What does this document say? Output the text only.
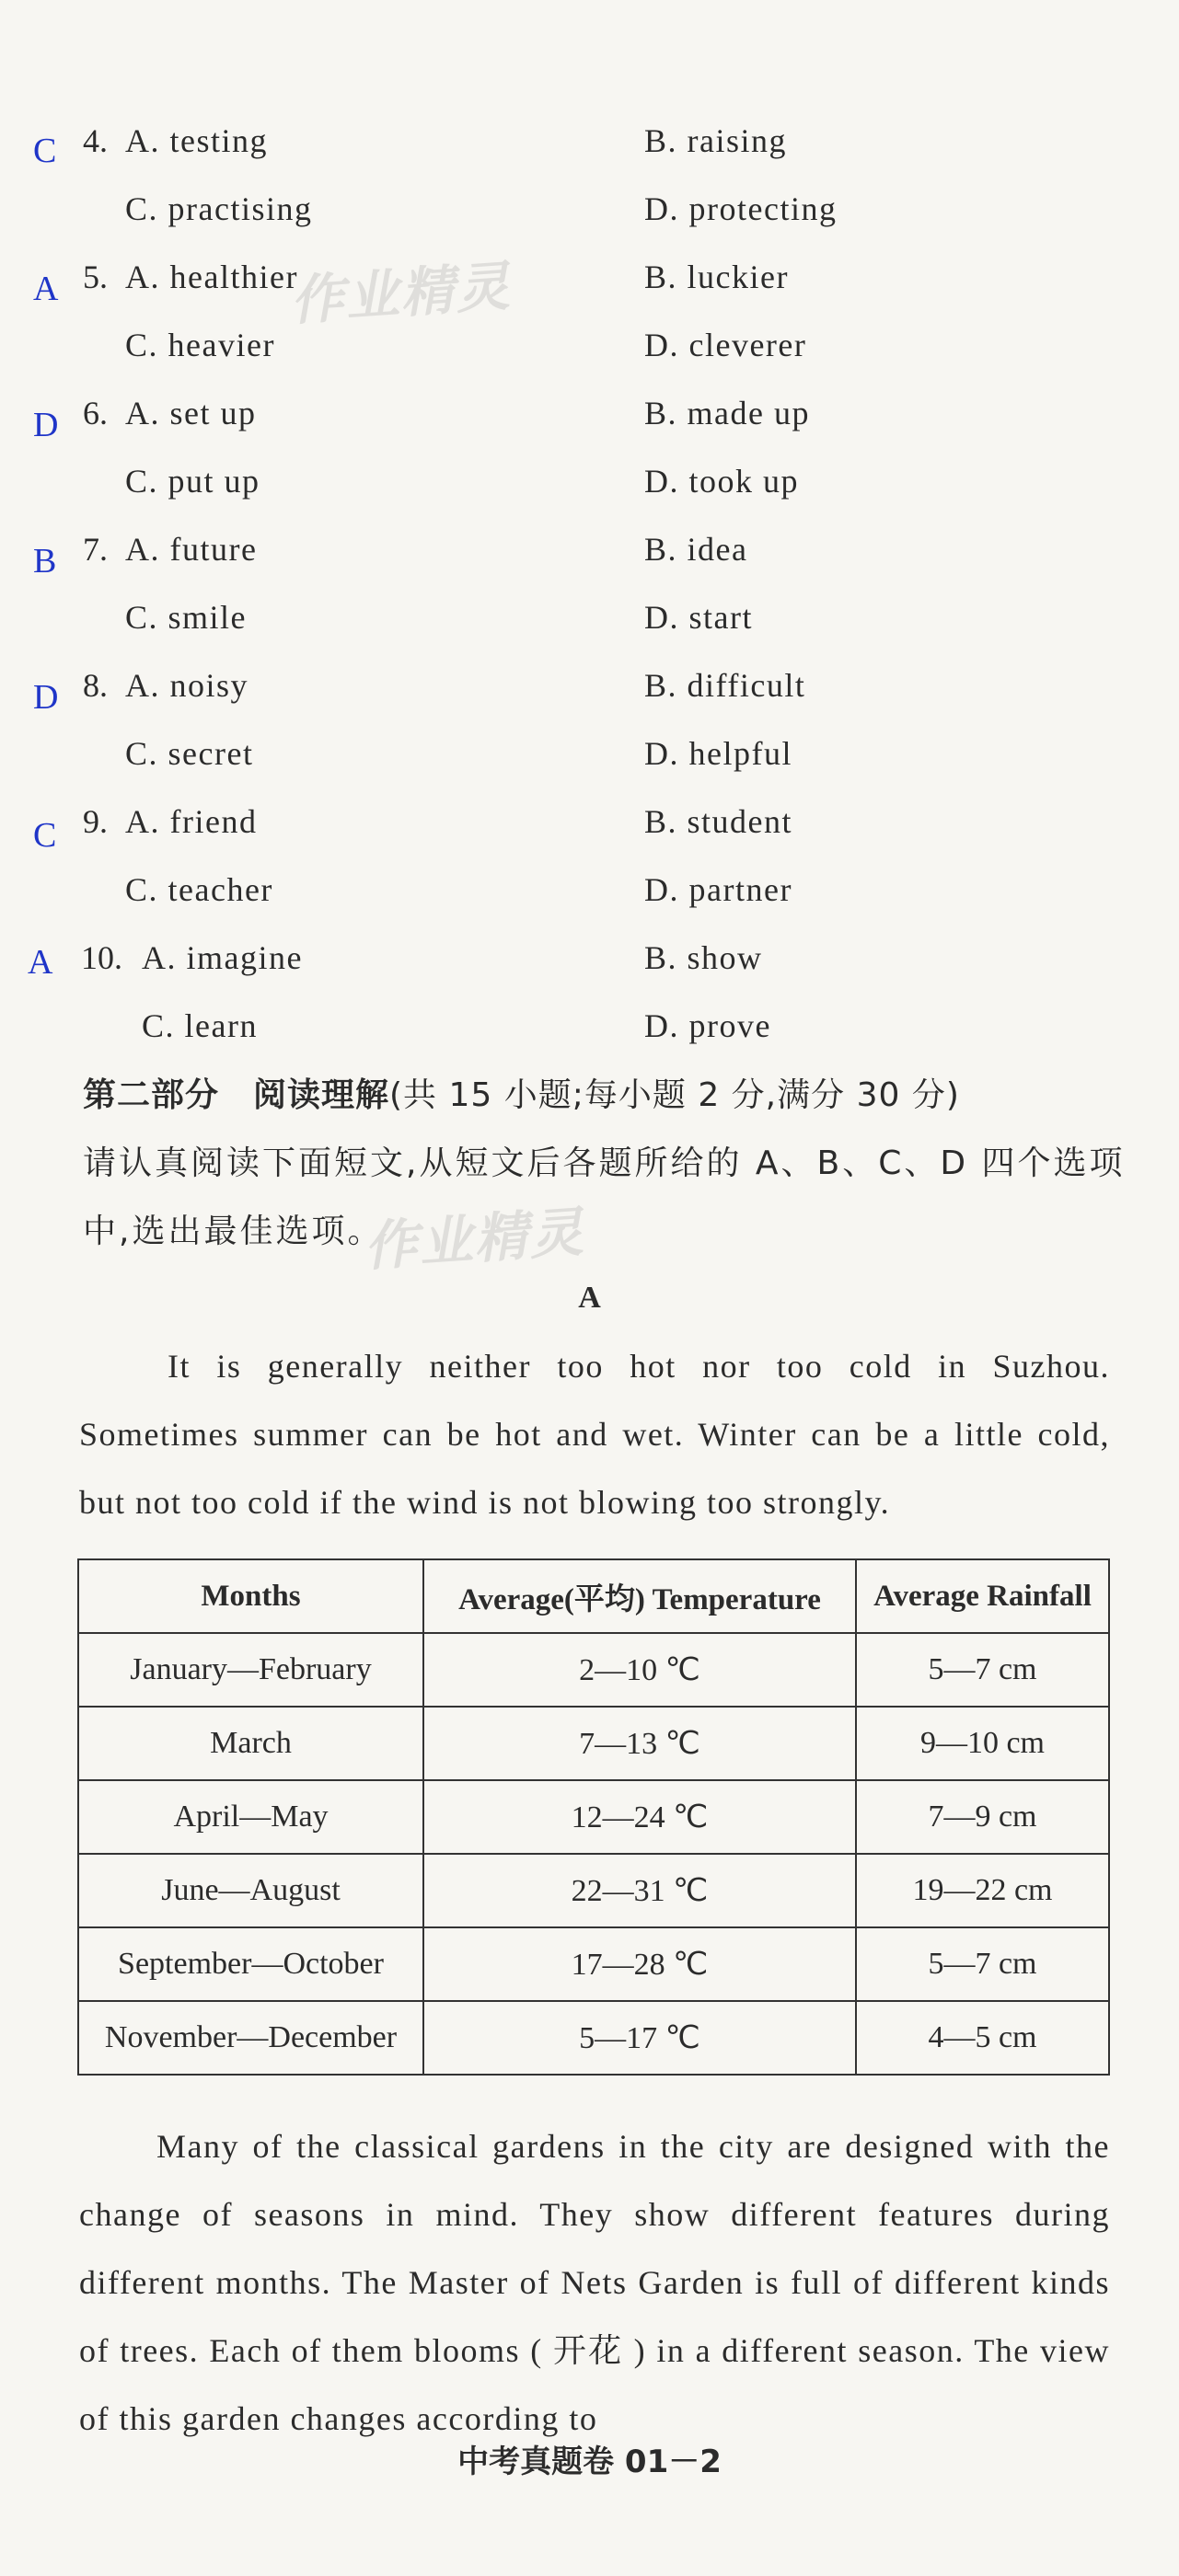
C 4. A. testing	B. raising
C. practising	D. protecting
A 5. A. healthier	B. luckier
C. heavier	D. cleverer
D 6. A. set up	B. made up
C. put up	D. took up
B 7. A. future	B. idea
C. smile	D. start
D 8. A. noisy	B. difficult
C. secret	D. helpful
C 9. A. friend	B. student
C. teacher	D. partner
A 10. A. imagine	B. show
C. learn	D. prove
第二部分　阅读理解(共 15 小题;每小题 2 分,满分 30 分)
请认真阅读下面短文,从短文后各题所给的 A、B、C、D 四个选项
中,选出最佳选项。
A
It is generally neither too hot nor too cold in Suzhou. Sometimes summer can be hot and wet. Winter can be a little cold, but not too cold if the wind is not blowing too strongly.
Months	Average(平均) Temperature	Average Rainfall
January—February	2—10 ℃	5—7 cm
March	7—13 ℃	9—10 cm
April—May	12—24 ℃	7—9 cm
June—August	22—31 ℃	19—22 cm
September—October	17—28 ℃	5—7 cm
November—December	5—17 ℃	4—5 cm
Many of the classical gardens in the city are designed with the change of seasons in mind. They show different features during different months. The Master of Nets Garden is full of different kinds of trees. Each of them blooms ( 开花 ) in a different season. The view of this garden changes according to
作业精灵
作业精灵
中考真题卷 01－2
